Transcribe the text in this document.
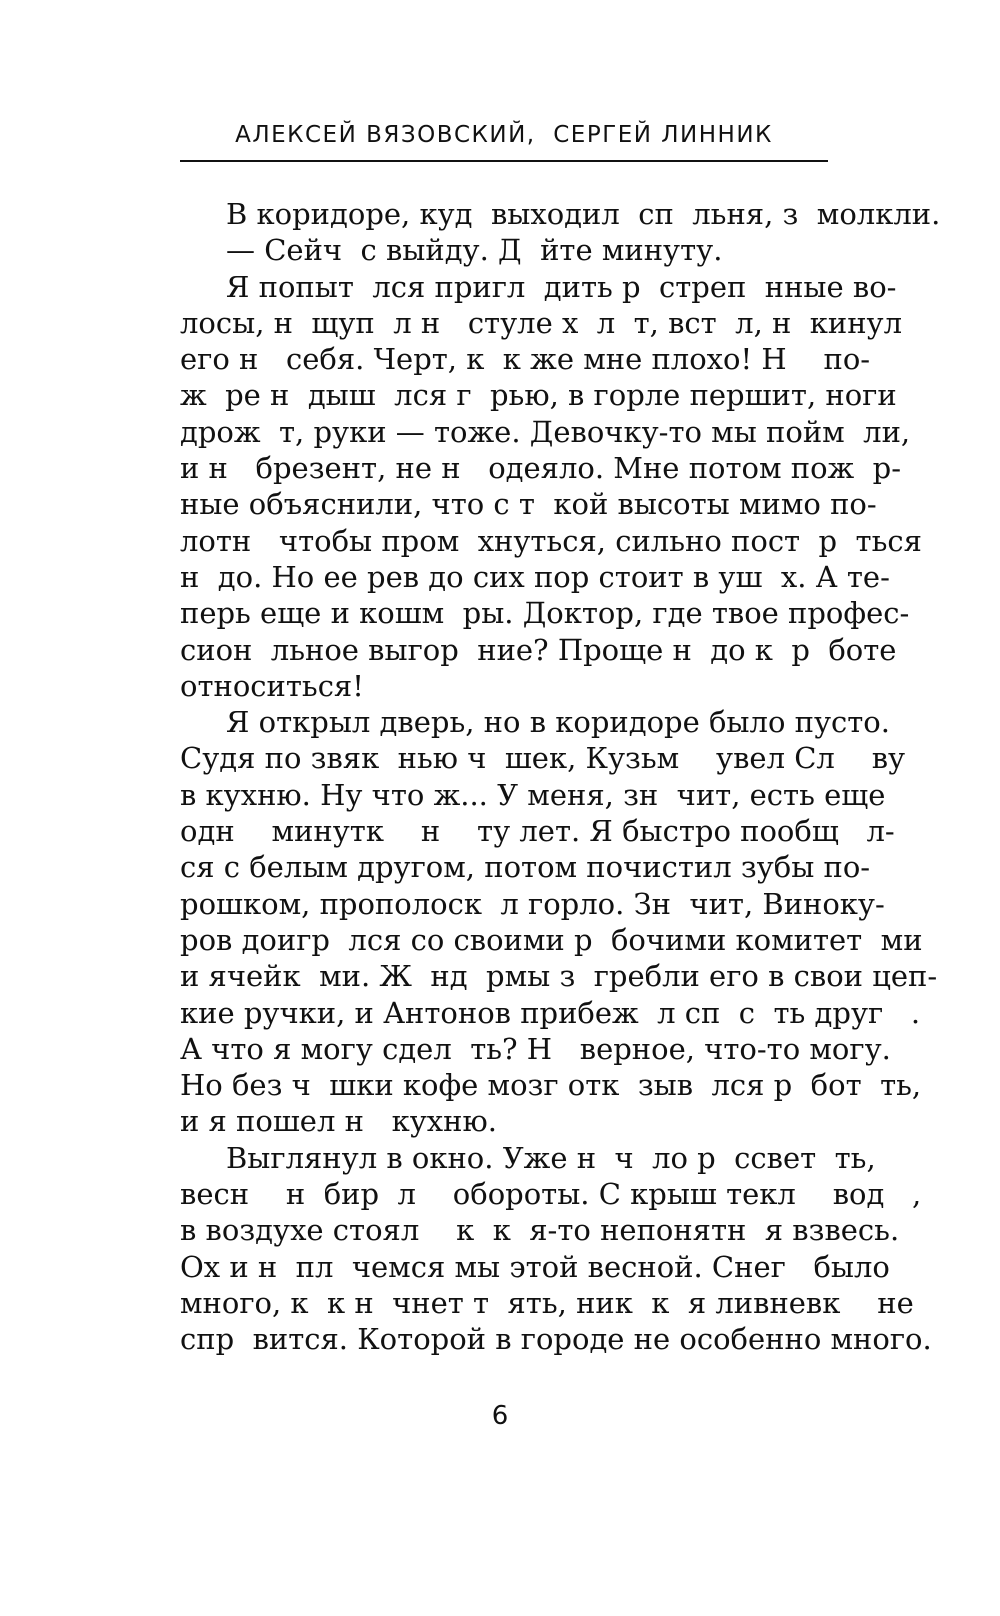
АЛЕКСЕЙ ВЯЗОВСКИЙ,  СЕРГЕЙ ЛИННИК
В коридоре, куд  выходил  сп  льня, з  молкли.
— Сейч  с выйду. Д  йте минуту.
Я попыт  лся пригл  дить р  стреп  нные во-
лосы, н  щуп  л н   стуле х  л  т, вст  л, н  кинул
его н   себя. Черт, к  к же мне плохо! Н    по-
ж  ре н  дыш  лся г  рью, в горле першит, ноги
дрож  т, руки — тоже. Девочку-то мы пойм  ли,
и н   брезент, не н   одеяло. Мне потом пож  р-
ные объяснили, что с т  кой высоты мимо по-
лотн   чтобы пром  хнуться, сильно пост  р  ться
н  до. Но ее рев до сих пор стоит в уш  х. А те-
перь еще и кошм  ры. Доктор, где твое профес-
сион  льное выгор  ние? Проще н  до к  р  боте
относиться!
Я открыл дверь, но в коридоре было пусто.
Судя по звяк  нью ч  шек, Кузьм    увел Сл    ву
в кухню. Ну что ж... У меня, зн  чит, есть еще
одн    минутк    н    ту лет. Я быстро пообщ   л-
ся с белым другом, потом почистил зубы по-
рошком, прополоск  л горло. Зн  чит, Виноку-
ров доигр  лся со своими р  бочими комитет  ми
и ячейк  ми. Ж  нд  рмы з  гребли его в свои цеп-
кие ручки, и Антонов прибеж  л сп  с  ть друг   .
А что я могу сдел  ть? Н   верное, что-то могу.
Но без ч  шки кофе мозг отк  зыв  лся р  бот  ть,
и я пошел н   кухню.
Выглянул в окно. Уже н  ч  ло р  ссвет  ть,
весн    н  бир  л    обороты. С крыш текл    вод   ,
в воздухе стоял    к  к  я-то непонятн  я взвесь.
Ох и н  пл  чемся мы этой весной. Снег   было
много, к  к н  чнет т  ять, ник  к  я ливневк    не
спр  вится. Которой в городе не особенно много.
6
